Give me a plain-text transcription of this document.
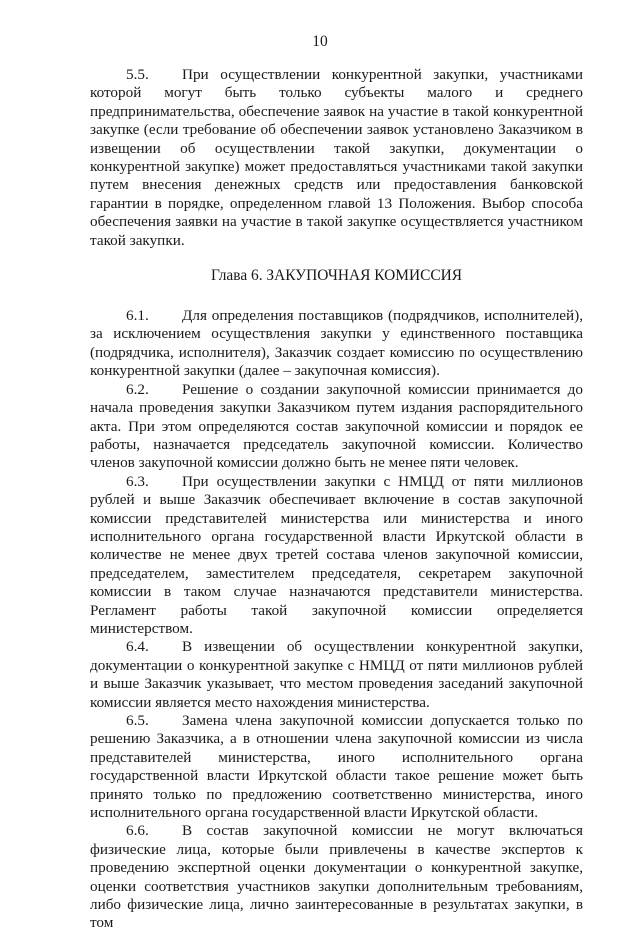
10

5.5. При осуществлении конкурентной закупки, участниками которой могут быть только субъекты малого и среднего предпринимательства, обеспечение заявок на участие в такой конкурентной закупке (если требование об обеспечении заявок установлено Заказчиком в извещении об осуществлении такой закупки, документации о конкурентной закупке) может предоставляться участниками такой закупки путем внесения денежных средств или предоставления банковской гарантии в порядке, определенном главой 13 Положения. Выбор способа обеспечения заявки на участие в такой закупке осуществляется участником такой закупки.

Глава 6. ЗАКУПОЧНАЯ КОМИССИЯ

6.1. Для определения поставщиков (подрядчиков, исполнителей), за исключением осуществления закупки у единственного поставщика (подрядчика, исполнителя), Заказчик создает комиссию по осуществлению конкурентной закупки (далее – закупочная комиссия).

6.2. Решение о создании закупочной комиссии принимается до начала проведения закупки Заказчиком путем издания распорядительного акта. При этом определяются состав закупочной комиссии и порядок ее работы, назначается председатель закупочной комиссии. Количество членов закупочной комиссии должно быть не менее пяти человек.

6.3. При осуществлении закупки с НМЦД от пяти миллионов рублей и выше Заказчик обеспечивает включение в состав закупочной комиссии представителей министерства или министерства и иного исполнительного органа государственной власти Иркутской области в количестве не менее двух третей состава членов закупочной комиссии, председателем, заместителем председателя, секретарем закупочной комиссии в таком случае назначаются представители министерства. Регламент работы такой закупочной комиссии определяется министерством.

6.4. В извещении об осуществлении конкурентной закупки, документации о конкурентной закупке с НМЦД от пяти миллионов рублей и выше Заказчик указывает, что местом проведения заседаний закупочной комиссии является место нахождения министерства.

6.5. Замена члена закупочной комиссии допускается только по решению Заказчика, а в отношении члена закупочной комиссии из числа представителей министерства, иного исполнительного органа государственной власти Иркутской области такое решение может быть принято только по предложению соответственно министерства, иного исполнительного органа государственной власти Иркутской области.

6.6. В состав закупочной комиссии не могут включаться физические лица, которые были привлечены в качестве экспертов к проведению экспертной оценки документации о конкурентной закупке, оценки соответствия участников закупки дополнительным требованиям, либо физические лица, лично заинтересованные в результатах закупки, в том
